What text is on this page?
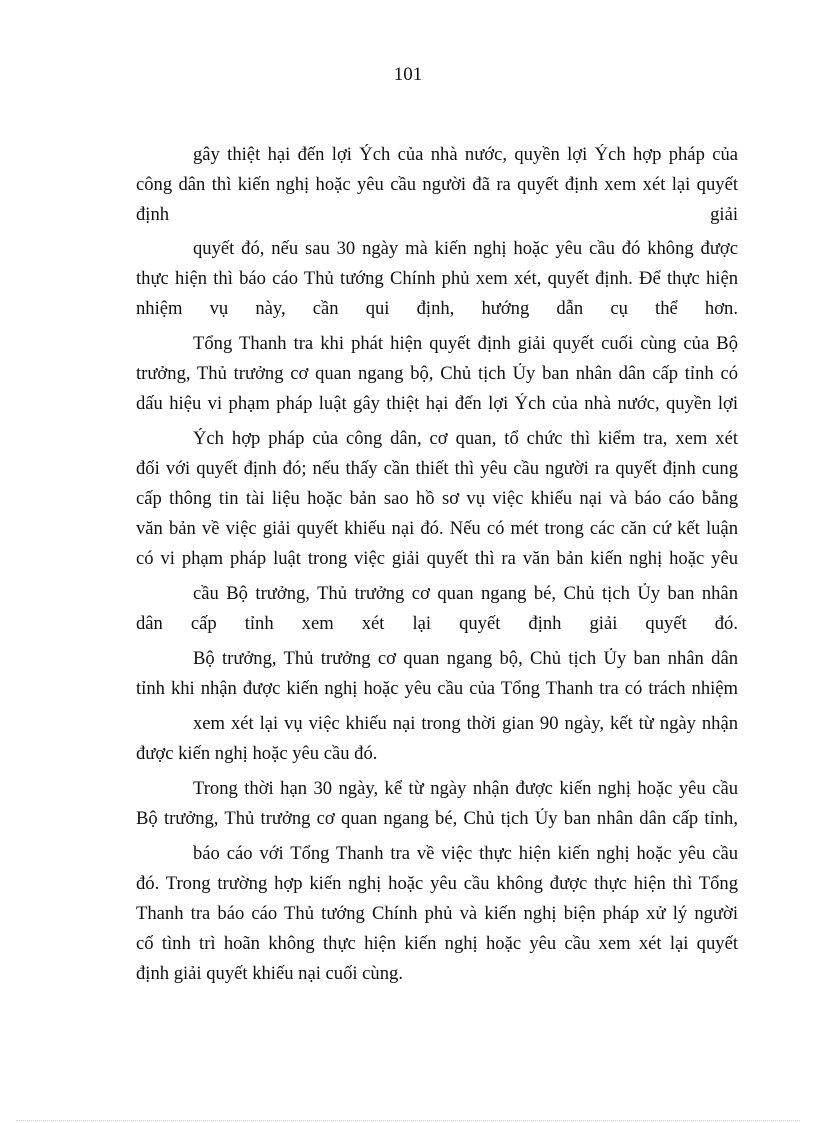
101
gây thiệt hại đến lợi Ých của nhà nước, quyền lợi Ých hợp pháp của
công dân thì kiến nghị hoặc yêu cầu người đã ra quyết định xem xét lại quyết
định giải
quyết đó, nếu sau 30 ngày mà kiến nghị hoặc yêu cầu đó không được
thực hiện thì báo cáo Thủ tướng Chính phủ xem xét, quyết định. Để thực hiện
nhiệm vụ này, cần qui định, hướng dẫn cụ thể hơn.
Tổng Thanh tra khi phát hiện quyết định giải quyết cuối cùng của Bộ
trưởng, Thủ trưởng cơ quan ngang bộ, Chủ tịch Ủy ban nhân dân cấp tỉnh có
dấu hiệu vi phạm pháp luật gây thiệt hại đến lợi Ých của nhà nước, quyền lợi
Ých hợp pháp của công dân, cơ quan, tổ chức thì kiểm tra, xem xét
đối với quyết định đó; nếu thấy cần thiết thì yêu cầu người ra quyết định cung
cấp thông tin tài liệu hoặc bản sao hồ sơ vụ việc khiếu nại và báo cáo bằng
văn bản về việc giải quyết khiếu nại đó. Nếu có mét trong các căn cứ kết luận
có vi phạm pháp luật trong việc giải quyết thì ra văn bản kiến nghị hoặc yêu
cầu Bộ trưởng, Thủ trưởng cơ quan ngang bé, Chủ tịch Ủy ban nhân
dân cấp tỉnh xem xét lại quyết định giải quyết đó.
Bộ trưởng, Thủ trưởng cơ quan ngang bộ, Chủ tịch Ủy ban nhân dân
tỉnh khi nhận được kiến nghị hoặc yêu cầu của Tổng Thanh tra có trách nhiệm
xem xét lại vụ việc khiếu nại trong thời gian 90 ngày, kết từ ngày nhận
được kiến nghị hoặc yêu cầu đó.
Trong thời hạn 30 ngày, kể từ ngày nhận được kiến nghị hoặc yêu cầu
Bộ trưởng, Thủ trưởng cơ quan ngang bé, Chủ tịch Ủy ban nhân dân cấp tỉnh,
báo cáo với Tổng Thanh tra về việc thực hiện kiến nghị hoặc yêu cầu
đó. Trong trường hợp kiến nghị hoặc yêu cầu không được thực hiện thì Tổng
Thanh tra báo cáo Thủ tướng Chính phủ và kiến nghị biện pháp xử lý người
cố tình trì hoãn không thực hiện kiến nghị hoặc yêu cầu xem xét lại quyết
định giải quyết khiếu nại cuối cùng.
